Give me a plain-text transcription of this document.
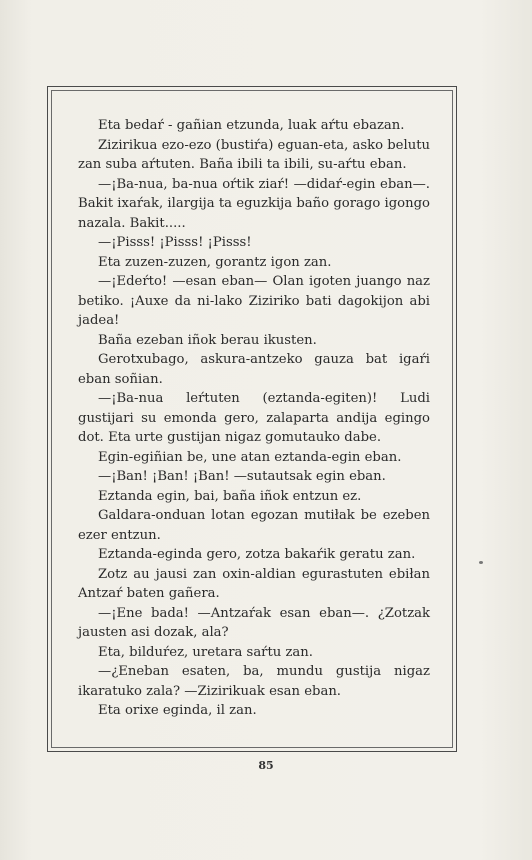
Eta bedaŕ - gañian etzunda, luak aŕtu ebazan.

Zizirikua ezo-ezo (bustiŕa) eguan-eta, asko belutu zan suba aŕtuten. Baña ibili ta ibili, su-aŕtu eban.

—¡Ba-nua, ba-nua oŕtik ziaŕ! —didaŕ-egin eban—. Bakit ixaŕak, ilargija ta eguzkija baño gorago igongo nazala. Bakit.....

—¡Pisss! ¡Pisss! ¡Pisss!

Eta zuzen-zuzen, gorantz igon zan.

—¡Edeŕto! —esan eban— Olan igoten juango naz betiko. ¡Auxe da ni-lako Ziziriko bati dagokijon abi jadea!

Baña ezeban iñok berau ikusten.

Gerotxubago, askura-antzeko gauza bat igaŕi eban soñian.

—¡Ba-nua leŕtuten (eztanda-egiten)! Ludi gustijari su emonda gero, zalaparta andija egingo dot. Eta urte gustijan nigaz gomutauko dabe.

Egin-egiñian be, une atan eztanda-egin eban.

—¡Ban! ¡Ban! ¡Ban! —sutautsak egin eban.

Eztanda egin, bai, baña iñok entzun ez.

Galdara-onduan lotan egozan mutiłak be ezeben ezer entzun.

Eztanda-eginda gero, zotza bakaŕik geratu zan.

Zotz au jausi zan oxin-aldian egurastuten ebiłan Antzaŕ baten gañera.

—¡Ene bada! —Antzaŕak esan eban—. ¿Zotzak jausten asi dozak, ala?

Eta, bilduŕez, uretara saŕtu zan.

—¿Eneban esaten, ba, mundu gustija nigaz ikaratuko zala? —Zizirikuak esan eban.

Eta orixe eginda, il zan.

85
